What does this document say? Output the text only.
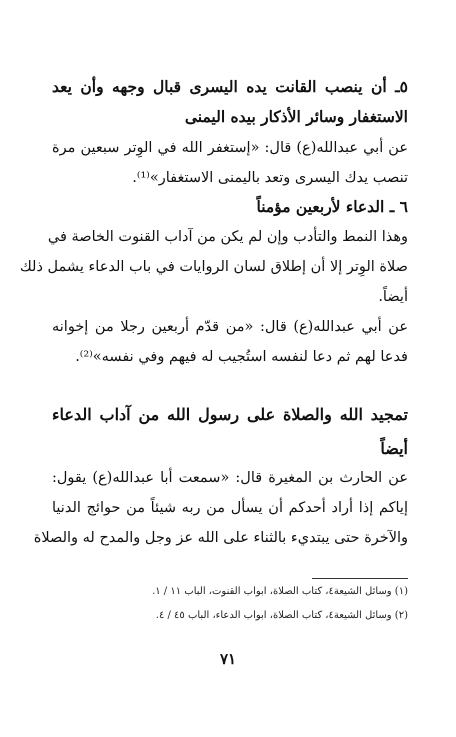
٥ـ أن ينصب القانت يده اليسرى قبال وجهه وأن يعد
الاستغفار وسائر الأذكار بيده اليمنى
عن أبي عبدالله(ع) قال: «إستغفر الله في الوِتر سبعين مرة
تنصب يدك اليسرى وتعد باليمنى الاستغفار»⁽¹⁾.
٦ ـ الدعاء لأربعين مؤمناً
وهذا النمط والتأدب وإن لم يكن من آداب القنوت الخاصة في
صلاة الوِتر إلا أن إطلاق لسان الروايات في باب الدعاء يشمل ذلك
أيضاً.
عن أبي عبدالله(ع) قال: «من قدّم أربعين رجلا من إخوانه
فدعا لهم ثم دعا لنفسه استُجيب له فيهم وفي نفسه»⁽²⁾.
تمجيد الله والصلاة على رسول الله من آداب الدعاء
أيضاً
عن الحارث بن المغيرة قال: «سمعت أبا عبدالله(ع) يقول:
إياكم إذا أراد أحدكم أن يسأل من ربه شيئاً من حوائج الدنيا
والآخرة حتى يبتديء بالثناء على الله عز وجل والمدح له والصلاة
(١) وسائل الشيعة٤، كتاب الصلاة، ابواب القنوت، الباب ١١ / ١.
(٢) وسائل الشيعة٤، كتاب الصلاة، ابواب الدعاء، الباب ٤٥ / ٤.
٧١
